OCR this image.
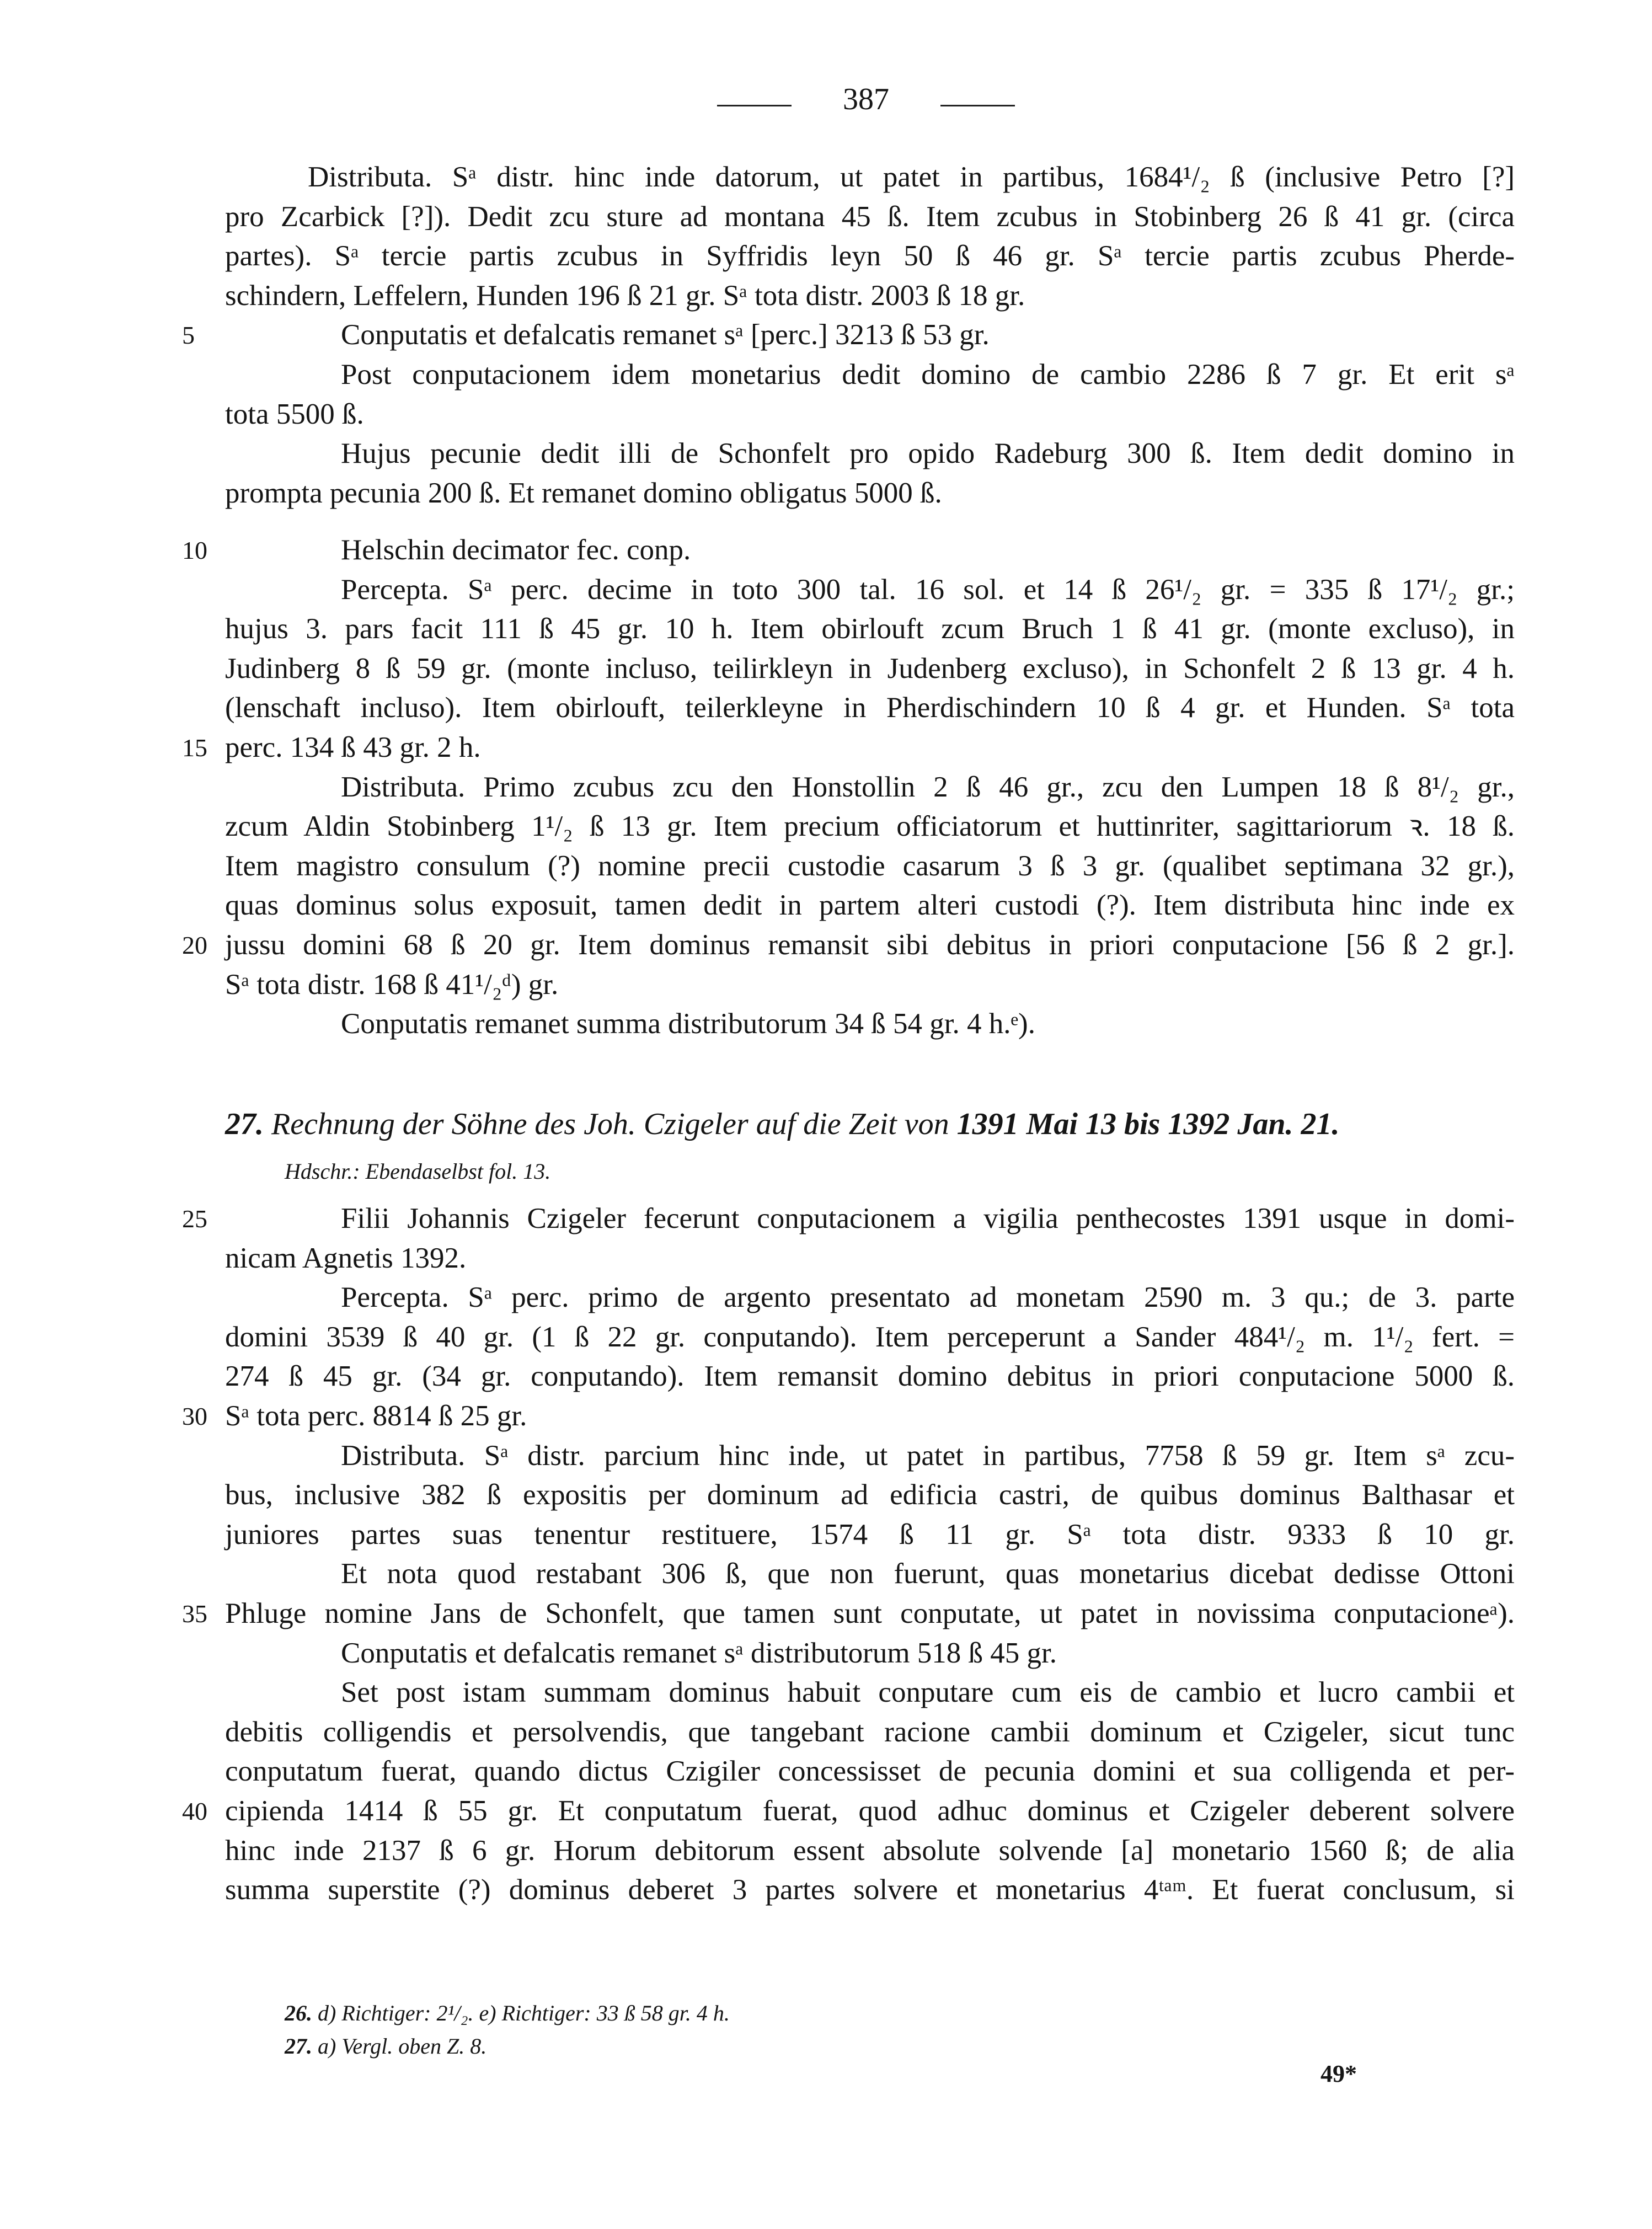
387
Distributa. Sᵃ distr. hinc inde datorum, ut patet in partibus, 1684¹/₂ ß (inclusive Petro [?]
pro Zcarbick [?]). Dedit zcu sture ad montana 45 ß. Item zcubus in Stobinberg 26 ß 41 gr. (circa
partes). Sᵃ tercie partis zcubus in Syffridis leyn 50 ß 46 gr. Sᵃ tercie partis zcubus Pherde-
schindern, Leffelern, Hunden 196 ß 21 gr. Sᵃ tota distr. 2003 ß 18 gr.
Conputatis et defalcatis remanet sᵃ [perc.] 3213 ß 53 gr.
Post conputacionem idem monetarius dedit domino de cambio 2286 ß 7 gr. Et erit sᵃ
tota 5500 ß.
Hujus pecunie dedit illi de Schonfelt pro opido Radeburg 300 ß. Item dedit domino in
prompta pecunia 200 ß. Et remanet domino obligatus 5000 ß.
Helschin decimator fec. conp.
Percepta. Sᵃ perc. decime in toto 300 tal. 16 sol. et 14 ß 26¹/₂ gr. = 335 ß 17¹/₂ gr.;
hujus 3. pars facit 111 ß 45 gr. 10 h. Item obirlouft zcum Bruch 1 ß 41 gr. (monte excluso), in
Judinberg 8 ß 59 gr. (monte incluso, teilirkleyn in Judenberg excluso), in Schonfelt 2 ß 13 gr. 4 h.
(lenschaft incluso). Item obirlouft, teilerkleyne in Pherdischindern 10 ß 4 gr. et Hunden. Sᵃ tota
perc. 134 ß 43 gr. 2 h.
Distributa. Primo zcubus zcu den Honstollin 2 ß 46 gr., zcu den Lumpen 18 ß 8¹/₂ gr.,
zcum Aldin Stobinberg 1¹/₂ ß 13 gr. Item precium officiatorum et huttinriter, sagittariorum ꝛ. 18 ß.
Item magistro consulum (?) nomine precii custodie casarum 3 ß 3 gr. (qualibet septimana 32 gr.),
quas dominus solus exposuit, tamen dedit in partem alteri custodi (?). Item distributa hinc inde ex
jussu domini 68 ß 20 gr. Item dominus remansit sibi debitus in priori conputacione [56 ß 2 gr.].
Sᵃ tota distr. 168 ß 41¹/₂ᵈ) gr.
Conputatis remanet summa distributorum 34 ß 54 gr. 4 h.ᵉ).
5
10
15
20
27. Rechnung der Söhne des Joh. Czigeler auf die Zeit von 1391 Mai 13 bis 1392 Jan. 21.
Hdschr.: Ebendaselbst fol. 13.
Filii Johannis Czigeler fecerunt conputacionem a vigilia penthecostes 1391 usque in domi-
nicam Agnetis 1392.
Percepta. Sᵃ perc. primo de argento presentato ad monetam 2590 m. 3 qu.; de 3. parte
domini 3539 ß 40 gr. (1 ß 22 gr. conputando). Item perceperunt a Sander 484¹/₂ m. 1¹/₂ fert. =
274 ß 45 gr. (34 gr. conputando). Item remansit domino debitus in priori conputacione 5000 ß.
Sᵃ tota perc. 8814 ß 25 gr.
Distributa. Sᵃ distr. parcium hinc inde, ut patet in partibus, 7758 ß 59 gr. Item sᵃ zcu-
bus, inclusive 382 ß expositis per dominum ad edificia castri, de quibus dominus Balthasar et
juniores partes suas tenentur restituere, 1574 ß 11 gr. Sᵃ tota distr. 9333 ß 10 gr.
Et nota quod restabant 306 ß, que non fuerunt, quas monetarius dicebat dedisse Ottoni
Phluge nomine Jans de Schonfelt, que tamen sunt conputate, ut patet in novissima conputacioneᵃ).
Conputatis et defalcatis remanet sᵃ distributorum 518 ß 45 gr.
Set post istam summam dominus habuit conputare cum eis de cambio et lucro cambii et
debitis colligendis et persolvendis, que tangebant racione cambii dominum et Czigeler, sicut tunc
conputatum fuerat, quando dictus Czigiler concessisset de pecunia domini et sua colligenda et per-
cipienda 1414 ß 55 gr. Et conputatum fuerat, quod adhuc dominus et Czigeler deberent solvere
hinc inde 2137 ß 6 gr. Horum debitorum essent absolute solvende [a] monetario 1560 ß; de alia
summa superstite (?) dominus deberet 3 partes solvere et monetarius 4ᵗᵃᵐ. Et fuerat conclusum, si
25
30
35
40
26. d) Richtiger: 2¹/₂. e) Richtiger: 33 ß 58 gr. 4 h.
27. a) Vergl. oben Z. 8.
49*
